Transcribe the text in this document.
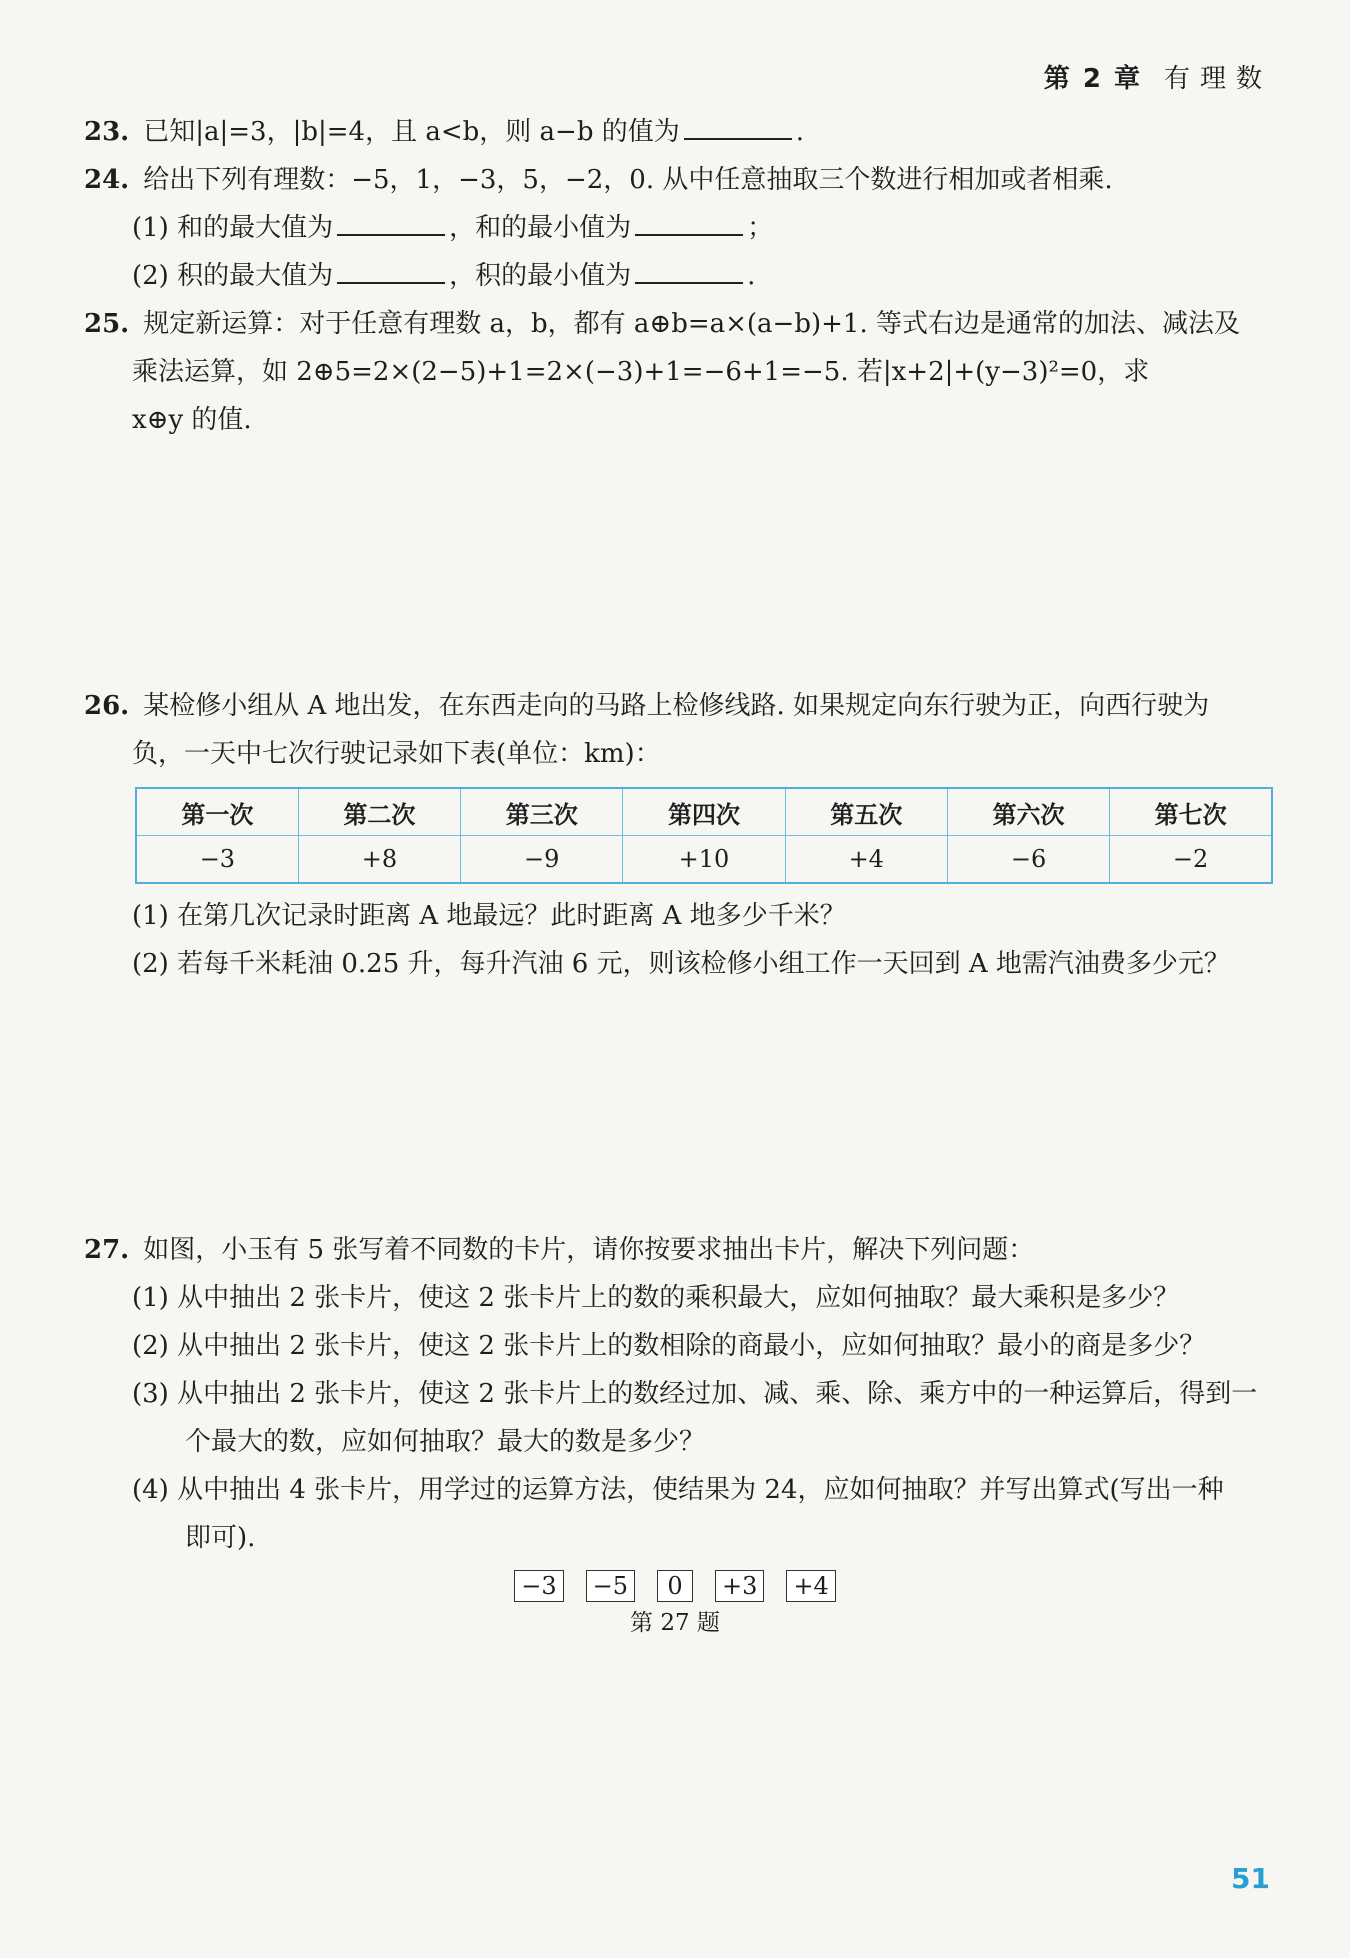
第 2 章 有理数
23. 已知|a|=3，|b|=4，且 a<b，则 a−b 的值为	.
24. 给出下列有理数：−5，1，−3，5，−2，0. 从中任意抽取三个数进行相加或者相乘.
(1) 和的最大值为	，和的最小值为	；
(2) 积的最大值为	，积的最小值为	.
25. 规定新运算：对于任意有理数 a，b，都有 a⊕b=a×(a−b)+1. 等式右边是通常的加法、减法及
乘法运算，如 2⊕5=2×(2−5)+1=2×(−3)+1=−6+1=−5. 若|x+2|+(y−3)²=0，求
x⊕y 的值.
26. 某检修小组从 A 地出发，在东西走向的马路上检修线路. 如果规定向东行驶为正，向西行驶为
负，一天中七次行驶记录如下表(单位：km)：
第一次	第二次	第三次	第四次	第五次	第六次	第七次
−3	+8	−9	+10	+4	−6	−2
(1) 在第几次记录时距离 A 地最远？此时距离 A 地多少千米？
(2) 若每千米耗油 0.25 升，每升汽油 6 元，则该检修小组工作一天回到 A 地需汽油费多少元？
27. 如图，小玉有 5 张写着不同数的卡片，请你按要求抽出卡片，解决下列问题：
(1) 从中抽出 2 张卡片，使这 2 张卡片上的数的乘积最大，应如何抽取？最大乘积是多少？
(2) 从中抽出 2 张卡片，使这 2 张卡片上的数相除的商最小，应如何抽取？最小的商是多少？
(3) 从中抽出 2 张卡片，使这 2 张卡片上的数经过加、减、乘、除、乘方中的一种运算后，得到一
个最大的数，应如何抽取？最大的数是多少？
(4) 从中抽出 4 张卡片，用学过的运算方法，使结果为 24，应如何抽取？并写出算式(写出一种
即可).
−3 −5	0	+3 +4
第 27 题
51
